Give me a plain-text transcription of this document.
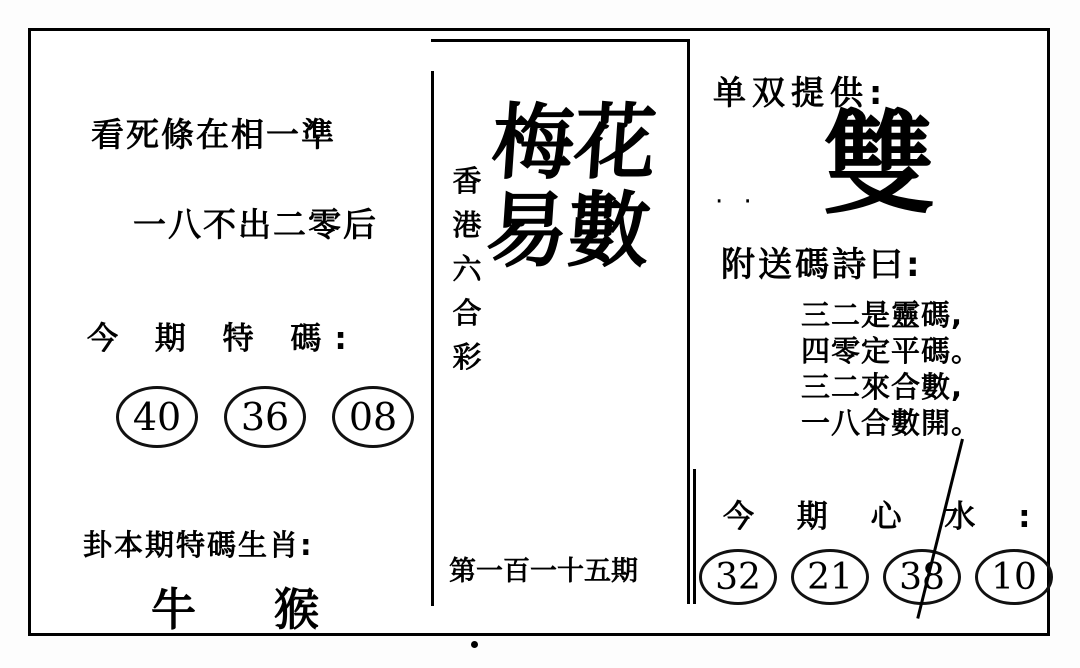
看死條在相一準
一八不出二零后
今 期 特 碼:
40	36	08
卦本期特碼生肖:
牛 猴
香
港
六
合
彩
梅花
易數
第一百一十五期
单双提供:
· · 雙
附送碼詩曰:
三二是靈碼,
四零定平碼。
三二來合數,
一八合數開。
今 期 心 水 :
32	21	38	10
